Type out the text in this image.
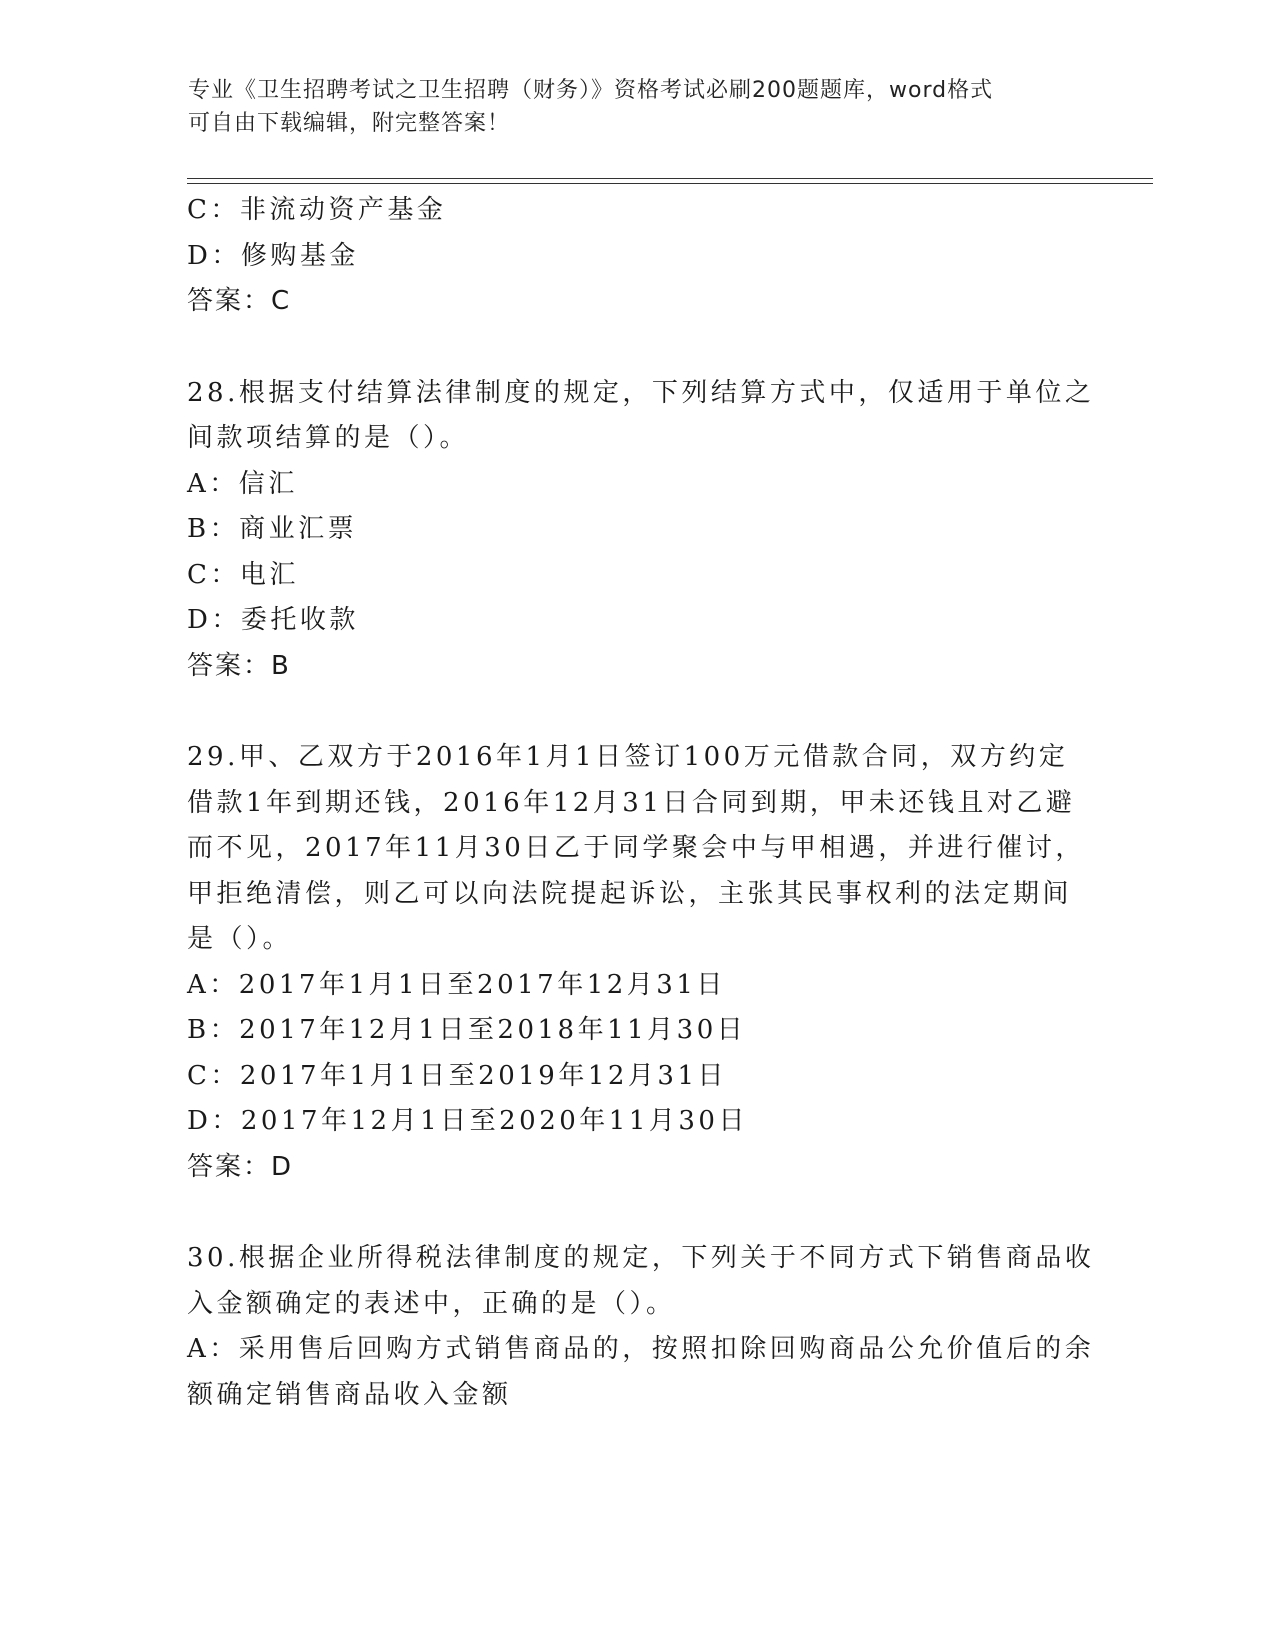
专业《卫生招聘考试之卫生招聘（财务）》资格考试必刷200题题库，word格式
可自由下载编辑，附完整答案！
C：非流动资产基金
D：修购基金
答案：C
28.根据支付结算法律制度的规定，下列结算方式中，仅适用于单位之
间款项结算的是（）。
A：信汇
B：商业汇票
C：电汇
D：委托收款
答案：B
29.甲、乙双方于2016年1月1日签订100万元借款合同，双方约定
借款1年到期还钱，2016年12月31日合同到期，甲未还钱且对乙避
而不见，2017年11月30日乙于同学聚会中与甲相遇，并进行催讨，
甲拒绝清偿，则乙可以向法院提起诉讼，主张其民事权利的法定期间
是（）。
A：2017年1月1日至2017年12月31日
B：2017年12月1日至2018年11月30日
C：2017年1月1日至2019年12月31日
D：2017年12月1日至2020年11月30日
答案：D
30.根据企业所得税法律制度的规定，下列关于不同方式下销售商品收
入金额确定的表述中，正确的是（）。
A：采用售后回购方式销售商品的，按照扣除回购商品公允价值后的余
额确定销售商品收入金额
